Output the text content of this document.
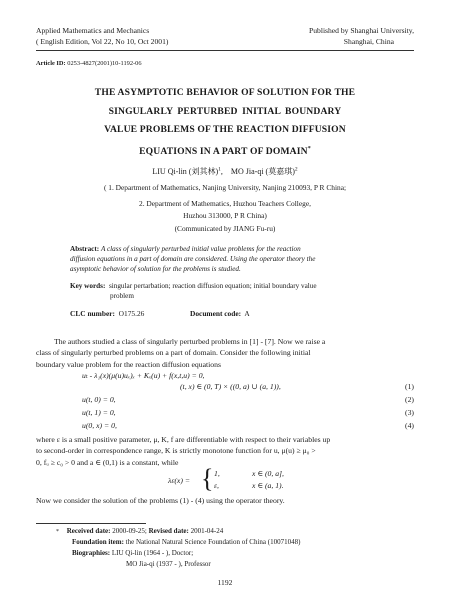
Applied Mathematics and Mechanics
( English Edition, Vol 22, No 10, Oct 2001)
Published by Shanghai University,
Shanghai, China
Article ID: 0253-4827(2001)10-1192-06
THE ASYMPTOTIC BEHAVIOR OF SOLUTION FOR THE
SINGULARLY PERTURBED INITIAL BOUNDARY
VALUE PROBLEMS OF THE REACTION DIFFUSION
EQUATIONS IN A PART OF DOMAIN*
LIU Qi-lin (刘其林)$^1$,    MO Jia-qi (莫嘉琪)$^2$
( 1. Department of Mathematics, Nanjing University, Nanjing 210093, P R China;
2. Department of Mathematics, Huzhou Teachers College,
Huzhou 313000, P R China)
(Communicated by JIANG Fu-ru)
Abstract: A class of singularly perturbed initial value problems for the reaction
diffusion equations in a part of domain are considered. Using the operator theory the
asymptotic behavior of solution for the problems is studied.
Key words: singular pertarbation; reaction diffusion equation; initial boundary value
problem
CLC number: O175.26	Document code: A
The authors studied a class of singularly perturbed problems in [1] - [7]. Now we raise a
class of singularly perturbed problems on a part of domain. Consider the following initial
boundary value problem for the reaction diffusion equations
uₜ - λ₁(x)(μ(u)uₓ)ₓ + Kₓ(u) + f(x,t,u) = 0,
(t, x) ∈ (0, T) × ((0, a) ∪ (a, 1)),	(1)
u(t, 0) = 0,	(2)
u(t, 1) = 0,	(3)
u(0, x) = 0,	(4)
where ε is a small positive parameter, μ, K, f are differentiable with respect to their variables up
to second-order in correspondence range, K is strictly monotone function for u, μ(u) ≥ μ₀ >
0, fᵤ ≥ c₀ > 0 and a ∈ (0,1) is a constant, while
λε(x) = { 1,	x ∈ (0, a],
ε,	x ∈ (a, 1).
Now we consider the solution of the problems (1) - (4) using the operator theory.
* Received date: 2000-09-25; Revised date: 2001-04-24
Foundation item: the National Natural Science Foundation of China (10071048)
Biographies: LIU Qi-lin (1964 - ), Doctor;
MO Jia-qi (1937 - ), Professor
1192
